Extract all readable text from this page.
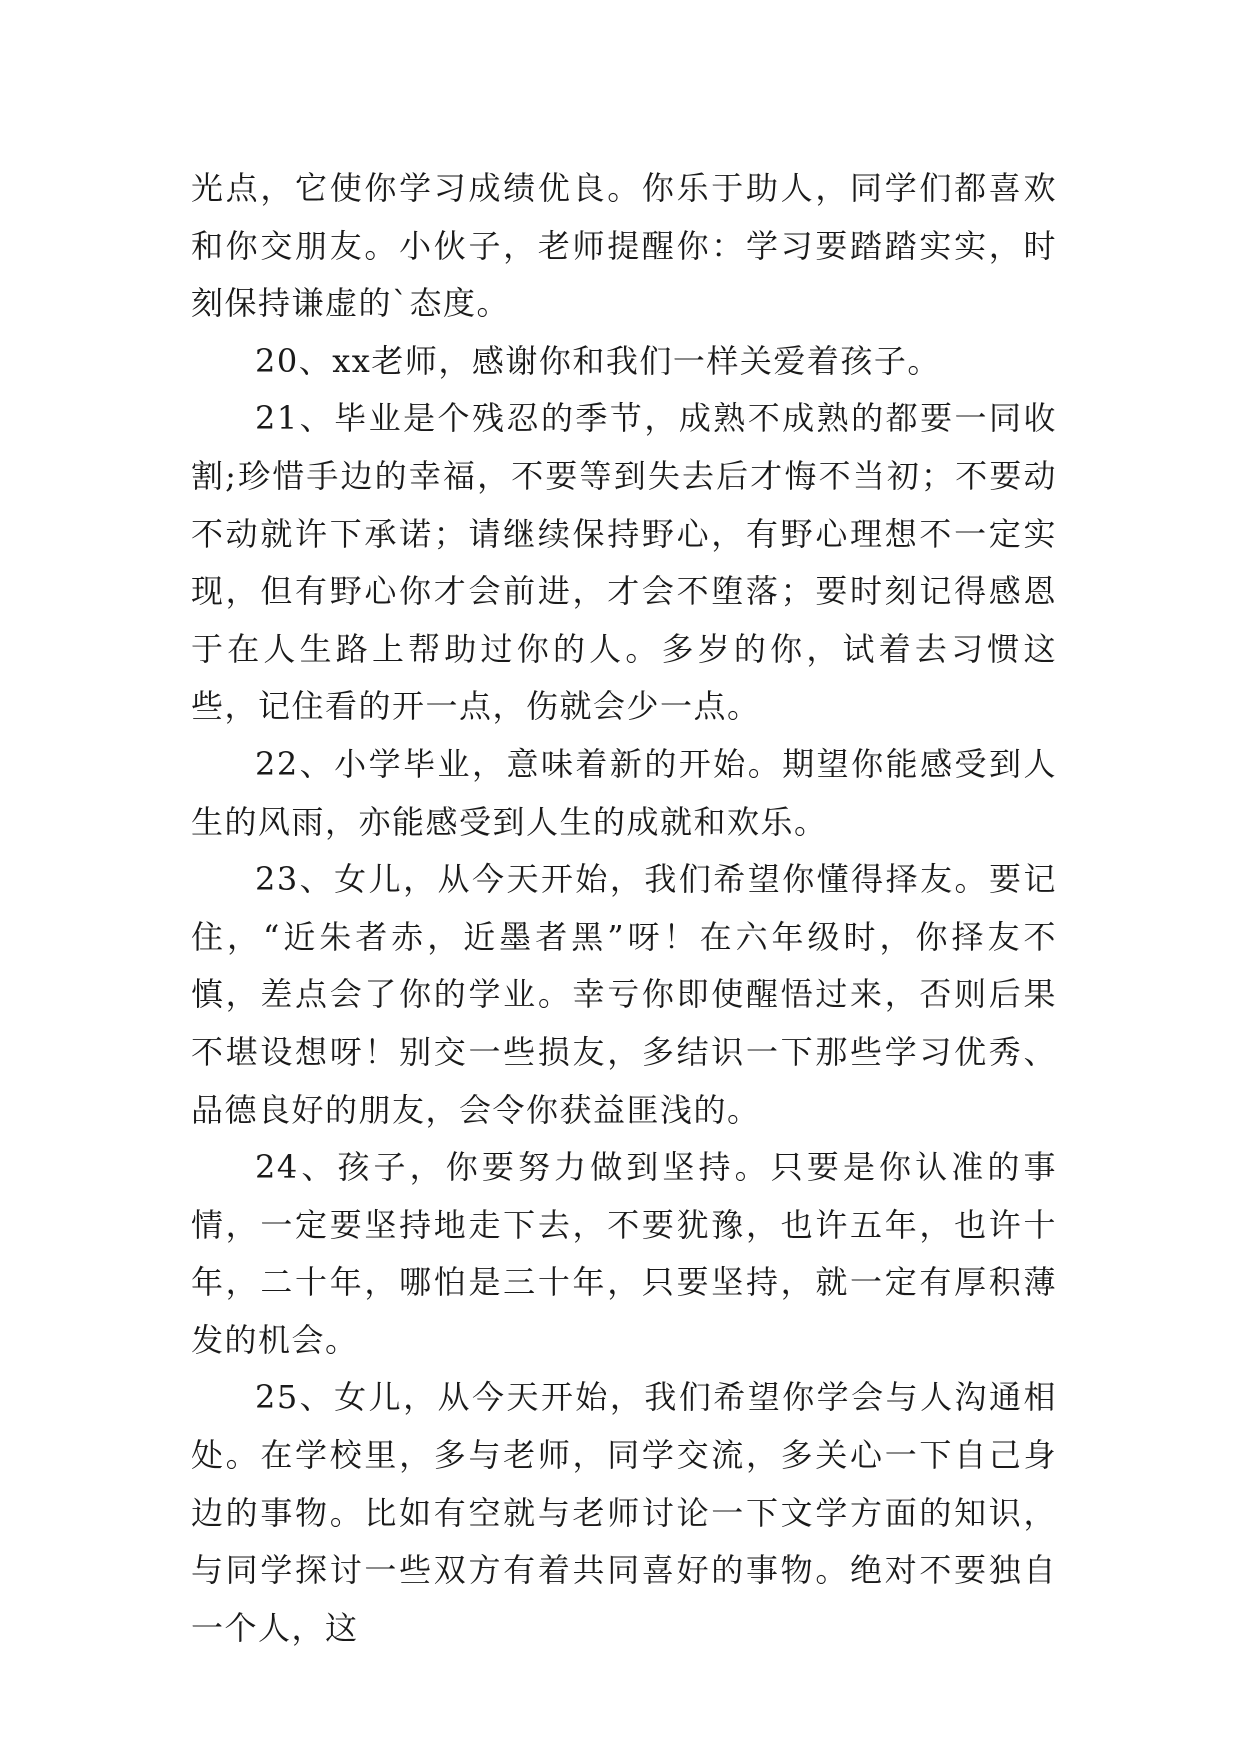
光点，它使你学习成绩优良。你乐于助人，同学们都喜欢和你交朋友。小伙子，老师提醒你：学习要踏踏实实，时刻保持谦虚的`态度。

20、xx老师，感谢你和我们一样关爱着孩子。

21、毕业是个残忍的季节，成熟不成熟的都要一同收割;珍惜手边的幸福，不要等到失去后才悔不当初；不要动不动就许下承诺；请继续保持野心，有野心理想不一定实现，但有野心你才会前进，才会不堕落；要时刻记得感恩于在人生路上帮助过你的人。多岁的你，试着去习惯这些，记住看的开一点，伤就会少一点。

22、小学毕业，意味着新的开始。期望你能感受到人生的风雨，亦能感受到人生的成就和欢乐。

23、女儿，从今天开始，我们希望你懂得择友。要记住，“近朱者赤，近墨者黑”呀！在六年级时，你择友不慎，差点会了你的学业。幸亏你即使醒悟过来，否则后果不堪设想呀！别交一些损友，多结识一下那些学习优秀、品德良好的朋友，会令你获益匪浅的。

24、孩子，你要努力做到坚持。只要是你认准的事情，一定要坚持地走下去，不要犹豫，也许五年，也许十年，二十年，哪怕是三十年，只要坚持，就一定有厚积薄发的机会。

25、女儿，从今天开始，我们希望你学会与人沟通相处。在学校里，多与老师，同学交流，多关心一下自己身边的事物。比如有空就与老师讨论一下文学方面的知识，与同学探讨一些双方有着共同喜好的事物。绝对不要独自一个人，这
